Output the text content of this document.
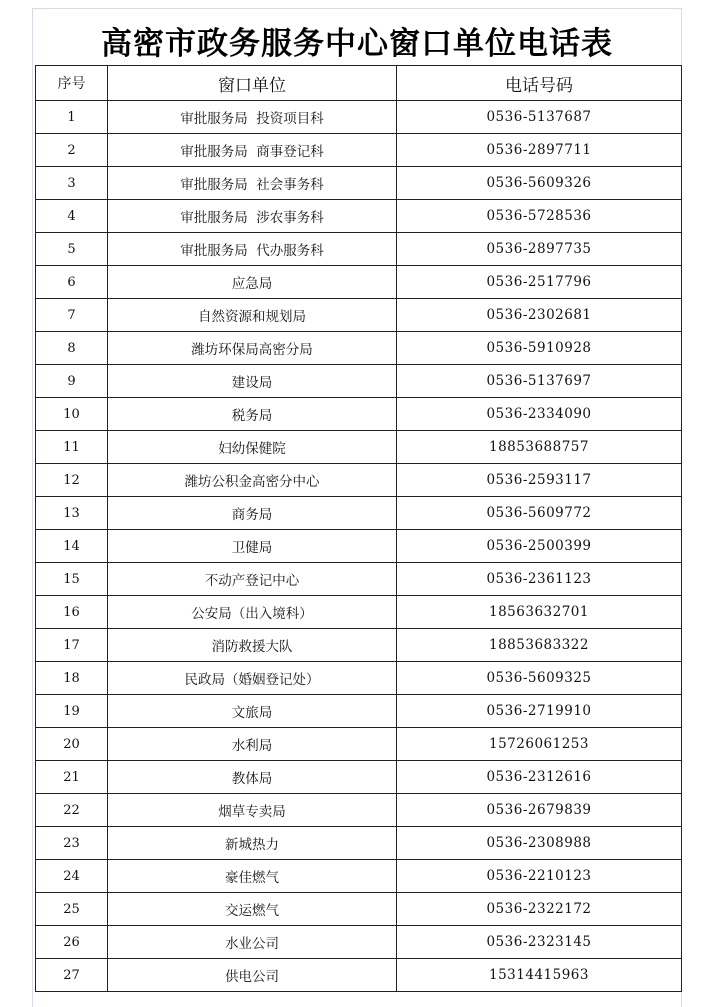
高密市政务服务中心窗口单位电话表
序号	窗口单位	电话号码
1	审批服务局  投资项目科	0536-5137687
2	审批服务局  商事登记科	0536-2897711
3	审批服务局  社会事务科	0536-5609326
4	审批服务局  涉农事务科	0536-5728536
5	审批服务局  代办服务科	0536-2897735
6	应急局	0536-2517796
7	自然资源和规划局	0536-2302681
8	潍坊环保局高密分局	0536-5910928
9	建设局	0536-5137697
10	税务局	0536-2334090
11	妇幼保健院	18853688757
12	潍坊公积金高密分中心	0536-2593117
13	商务局	0536-5609772
14	卫健局	0536-2500399
15	不动产登记中心	0536-2361123
16	公安局（出入境科）	18563632701
17	消防救援大队	18853683322
18	民政局（婚姻登记处）	0536-5609325
19	文旅局	0536-2719910
20	水利局	15726061253
21	教体局	0536-2312616
22	烟草专卖局	0536-2679839
23	新城热力	0536-2308988
24	豪佳燃气	0536-2210123
25	交运燃气	0536-2322172
26	水业公司	0536-2323145
27	供电公司	15314415963
